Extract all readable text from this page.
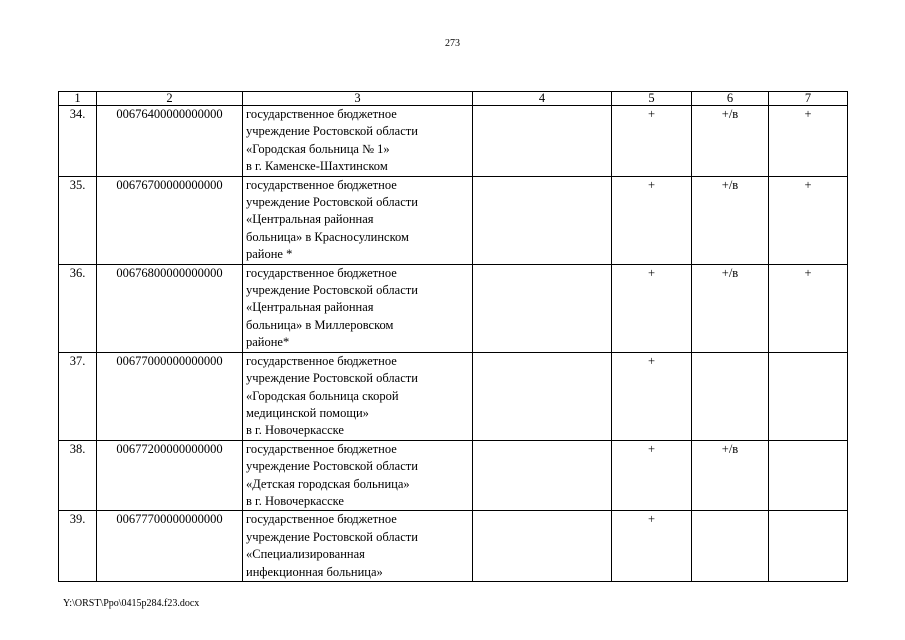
273
1	2	3	4	5	6	7
34.	00676400000000000	государственное бюджетное
учреждение Ростовской области
«Городская больница № 1»
в г. Каменске-Шахтинском		+	+/в	+
35.	00676700000000000	государственное бюджетное
учреждение Ростовской области
«Центральная районная
больница» в Красносулинском
районе *		+	+/в	+
36.	00676800000000000	государственное бюджетное
учреждение Ростовской области
«Центральная районная
больница» в Миллеровском
районе*		+	+/в	+
37.	00677000000000000	государственное бюджетное
учреждение Ростовской области
«Городская больница скорой
медицинской помощи»
в г. Новочеркасске		+		
38.	00677200000000000	государственное бюджетное
учреждение Ростовской области
«Детская городская больница»
в г. Новочеркасске		+	+/в	
39.	00677700000000000	государственное бюджетное
учреждение Ростовской области
«Специализированная
инфекционная больница»		+		
Y:\ORST\Ppo\0415p284.f23.docx
